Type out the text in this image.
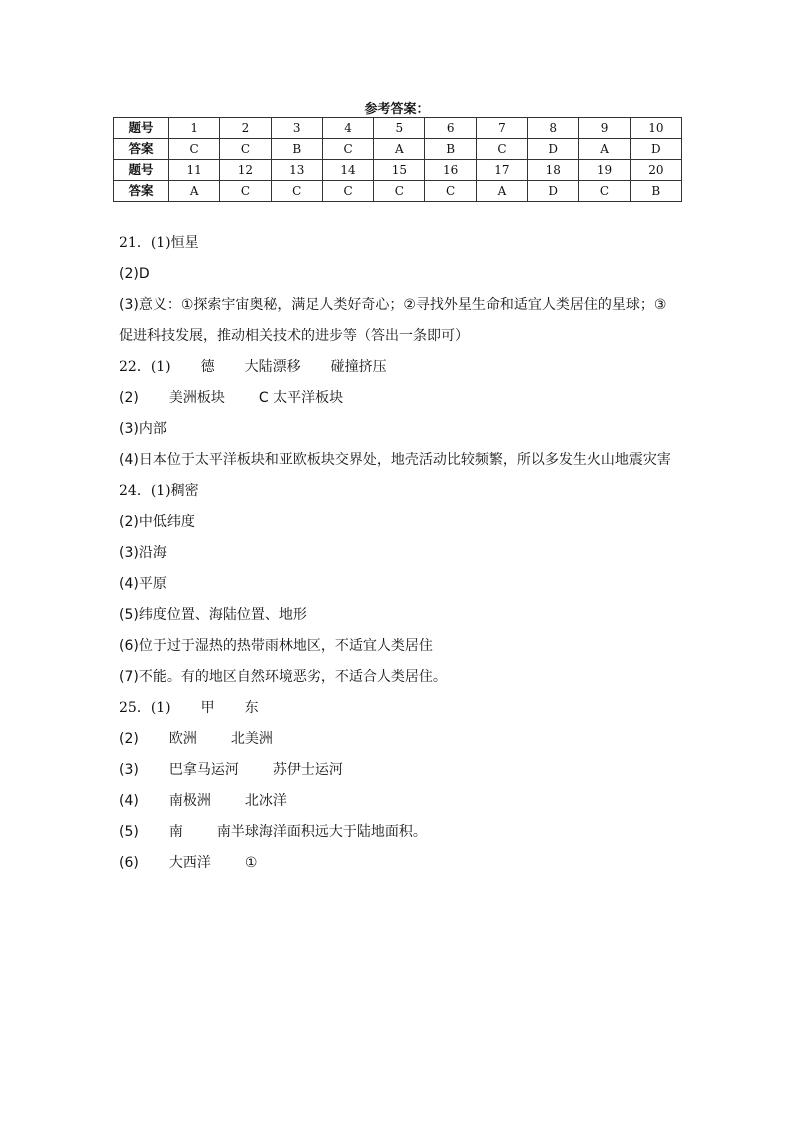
参考答案：
题号	1	2	3	4	5	6	7	8	9	10
答案	C	C	B	C	A	B	C	D	A	D
题号	11	12	13	14	15	16	17	18	19	20
答案	A	C	C	C	C	C	A	D	C	B
21．(1)恒星
(2)D
(3)意义：①探索宇宙奥秘，满足人类好奇心；②寻找外星生命和适宜人类居住的星球；③
促进科技发展，推动相关技术的进步等（答出一条即可）
22．(1) 德 大陆漂移 碰撞挤压
(2) 美洲板块 C 太平洋板块
(3)内部
(4)日本位于太平洋板块和亚欧板块交界处，地壳活动比较频繁，所以多发生火山地震灾害
24．(1)稠密
(2)中低纬度
(3)沿海
(4)平原
(5)纬度位置、海陆位置、地形
(6)位于过于湿热的热带雨林地区，不适宜人类居住
(7)不能。有的地区自然环境恶劣，不适合人类居住。
25．(1) 甲 东
(2) 欧洲 北美洲
(3) 巴拿马运河 苏伊士运河
(4) 南极洲 北冰洋
(5) 南 南半球海洋面积远大于陆地面积。
(6) 大西洋 ①
